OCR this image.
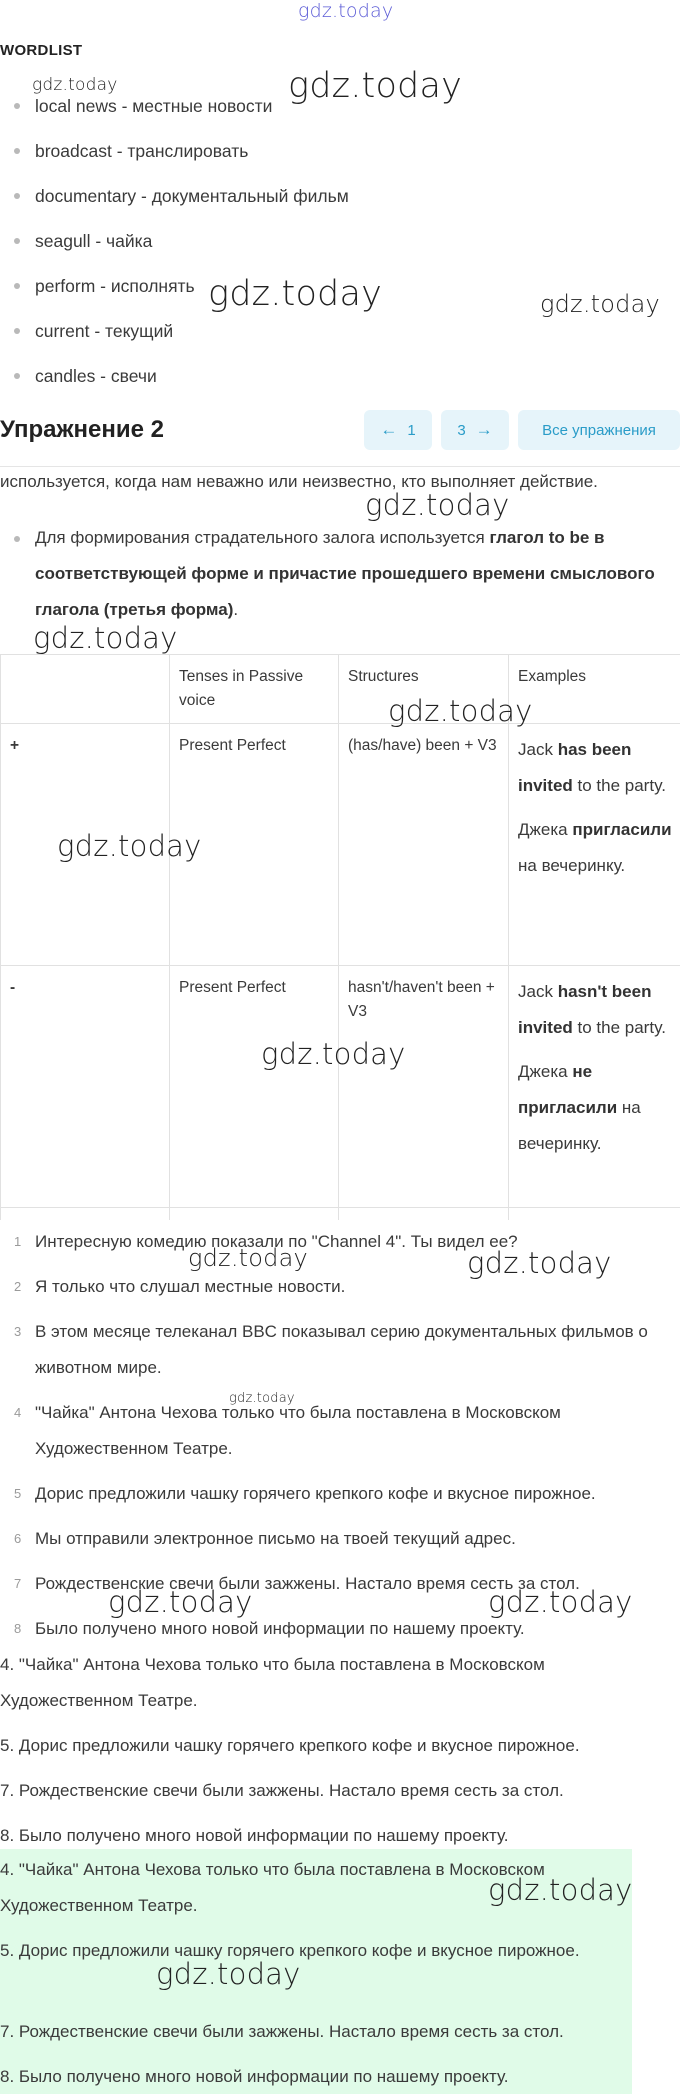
gdz.today
gdz.today	gdz.today
gdz.today	gdz.today
gdz.today
gdz.today
gdz.today
gdz.today
gdz.today
gdz.today	gdz.today
gdz.today
gdz.today	gdz.today
gdz.today
gdz.today
WORDLIST
local news - местные новости
broadcast - транслировать
documentary - документальный фильм
seagull - чайка
perform - исполнять
current - текущий
candles - свечи
Упражнение 2	← 1	3 →	Все упражнения
используется, когда нам неважно или неизвестно, кто выполняет действие.
Для формирования страдательного залога используется глагол to be в соответствующей форме и причастие прошедшего времени смыслового глагола (третья форма).
	Tenses in Passive voice	Structures	Examples
+	Present Perfect	(has/have) been + V3	Jack has been invited to the party.

Джека пригласили на вечеринку.

-	Present Perfect	hasn't/haven't been + V3	Jack hasn't been invited to the party.

Джека не пригласили на вечеринку.

1 Интересную комедию показали по "Channel 4". Ты видел ее?
2 Я только что слушал местные новости.
3 В этом месяце телеканал BBC показывал серию документальных фильмов о животном мире.
4 "Чайка" Антона Чехова только что была поставлена в Московском Художественном Театре.
5 Дорис предложили чашку горячего крепкого кофе и вкусное пирожное.
6 Мы отправили электронное письмо на твоей текущий адрес.
7 Рождественские свечи были зажжены. Настало время сесть за стол.
8 Было получено много новой информации по нашему проекту.
4. "Чайка" Антона Чехова только что была поставлена в Московском Художественном Театре.
5. Дорис предложили чашку горячего крепкого кофе и вкусное пирожное.
7. Рождественские свечи были зажжены. Настало время сесть за стол.
8. Было получено много новой информации по нашему проекту.
4. "Чайка" Антона Чехова только что была поставлена в Московском Художественном Театре.
5. Дорис предложили чашку горячего крепкого кофе и вкусное пирожное.
7. Рождественские свечи были зажжены. Настало время сесть за стол.
8. Было получено много новой информации по нашему проекту.
